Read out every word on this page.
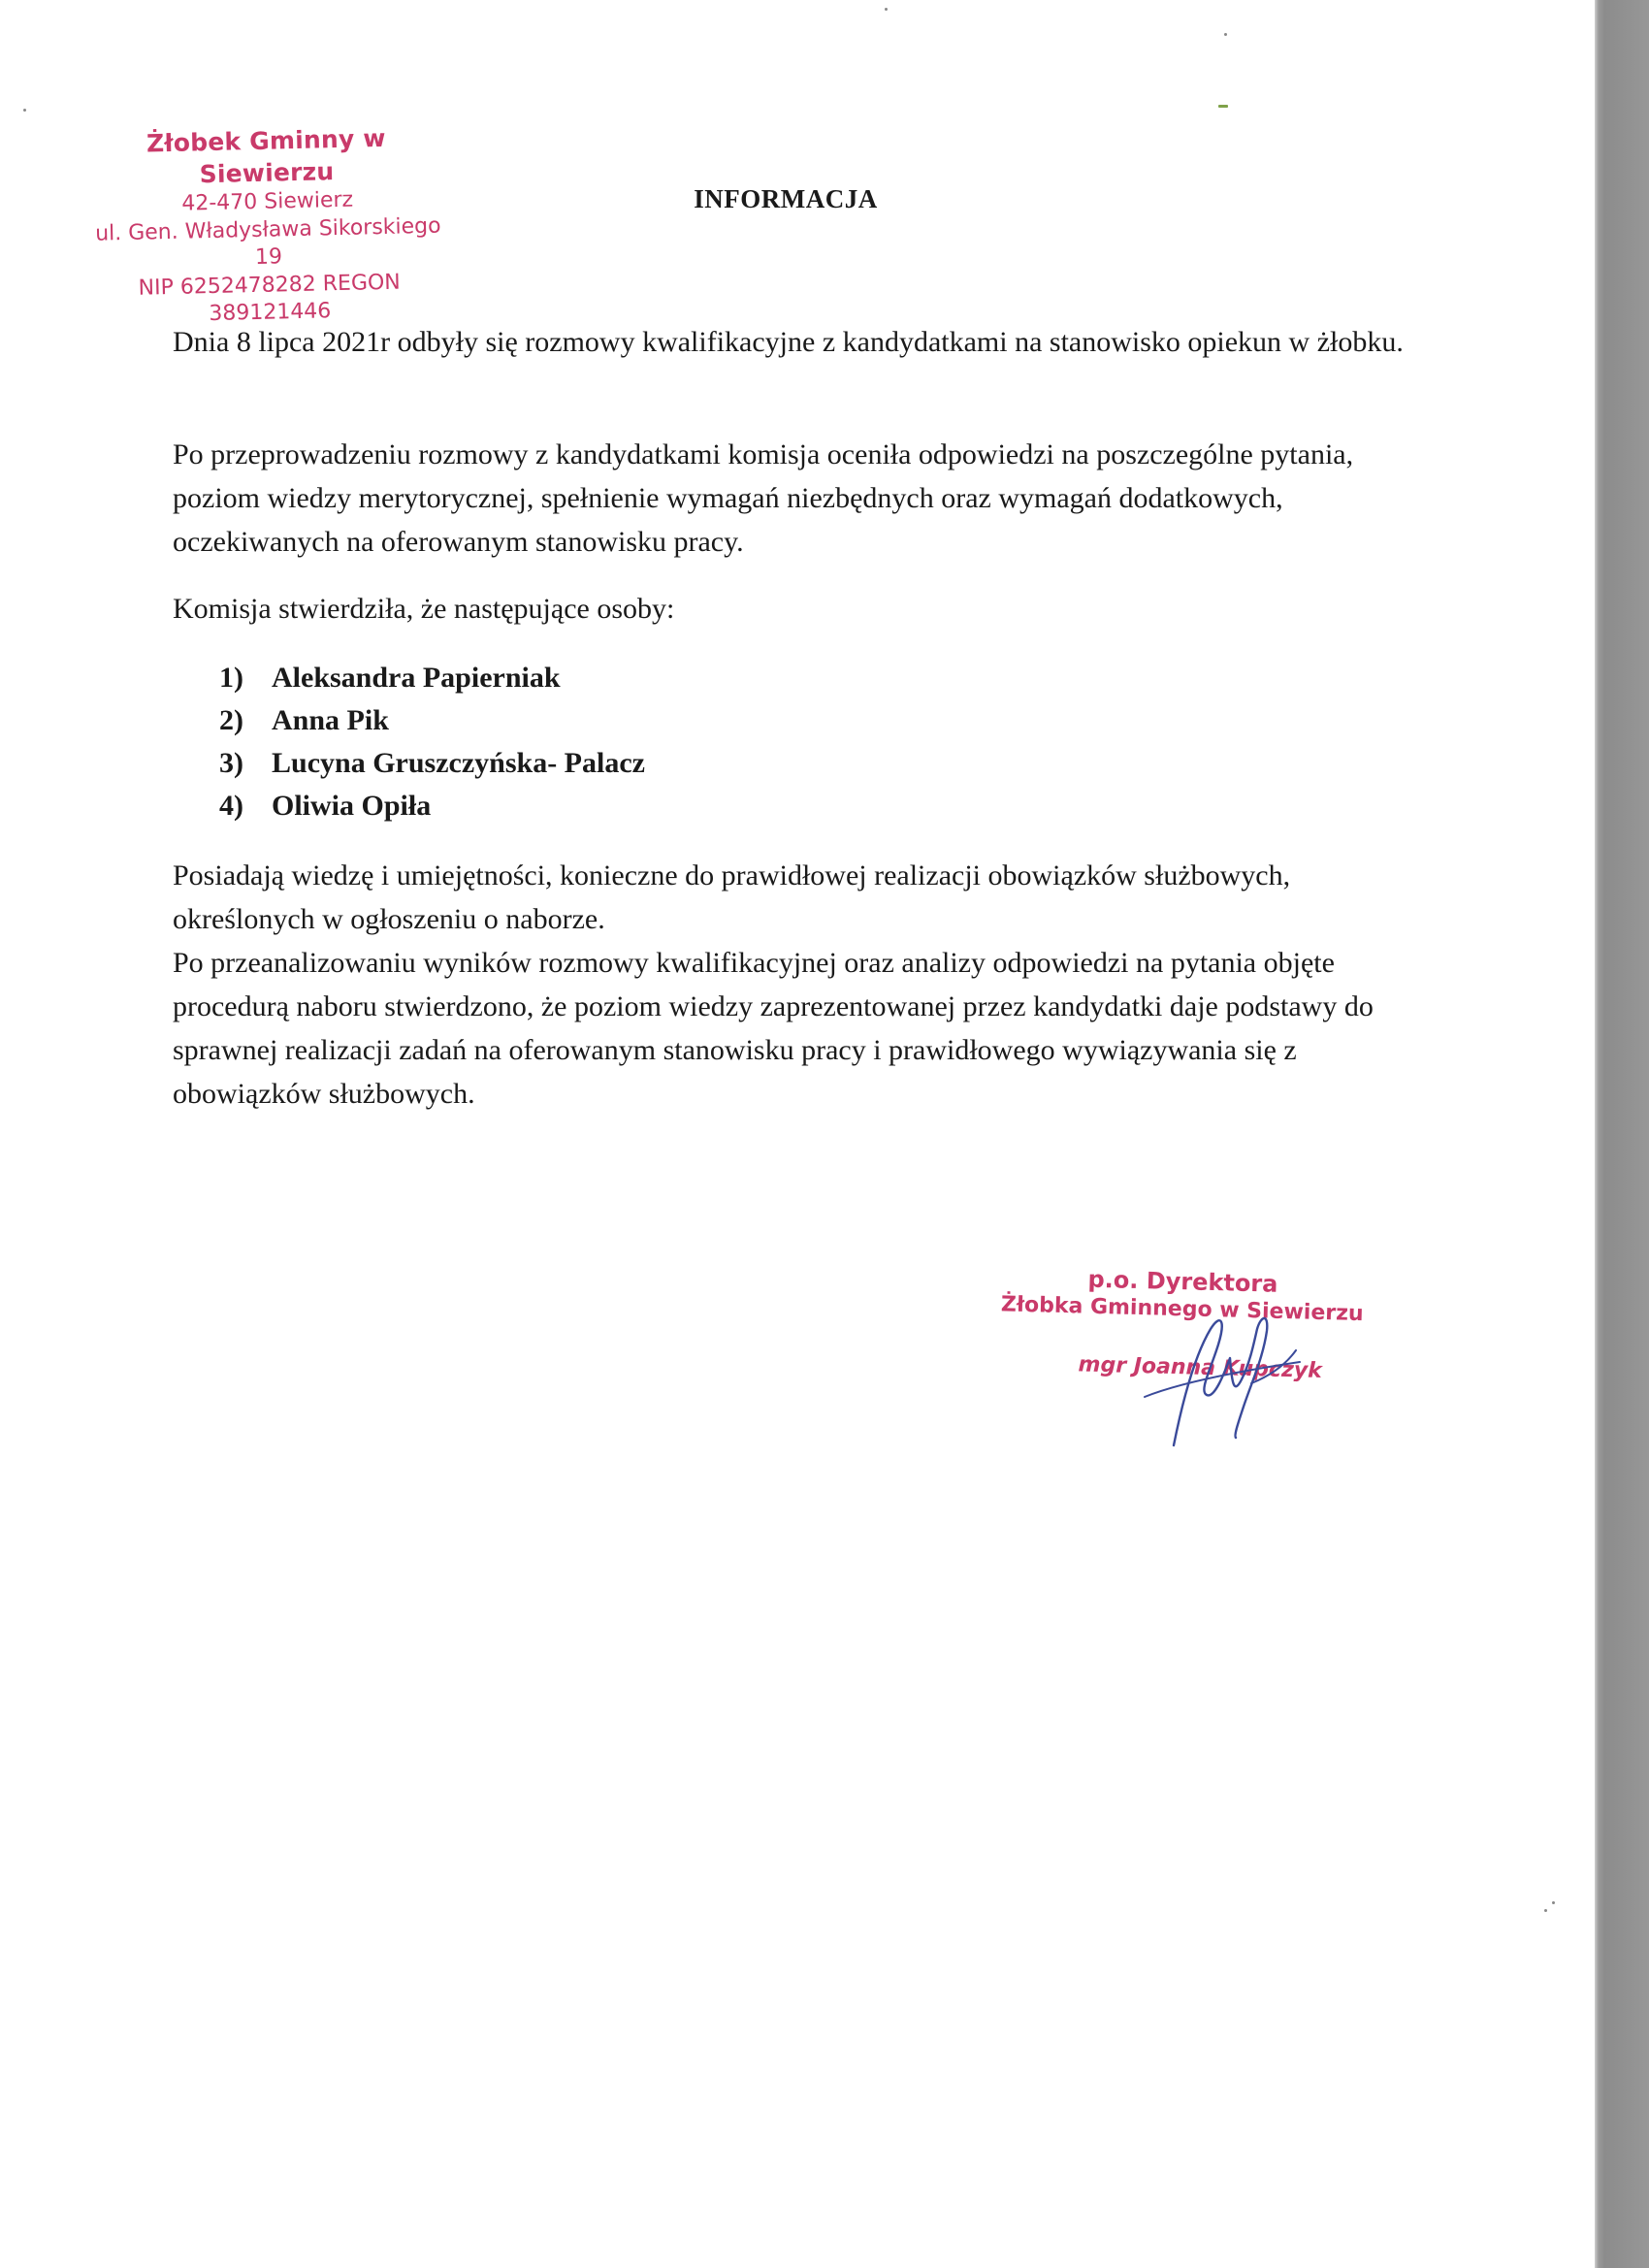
Żłobek Gminny w Siewierzu
42-470 Siewierz
ul. Gen. Władysława Sikorskiego 19
NIP 6252478282 REGON 389121446
INFORMACJA
Dnia 8 lipca 2021r odbyły się rozmowy kwalifikacyjne z kandydatkami na stanowisko opiekun w żłobku.
Po przeprowadzeniu rozmowy z kandydatkami komisja oceniła odpowiedzi na poszczególne pytania, poziom wiedzy merytorycznej, spełnienie wymagań niezbędnych oraz wymagań dodatkowych, oczekiwanych na oferowanym stanowisku pracy.
Komisja stwierdziła, że następujące osoby:
1) Aleksandra Papierniak
2) Anna Pik
3) Lucyna Gruszczyńska- Palacz
4) Oliwia Opiła

Posiadają wiedzę i umiejętności, konieczne do prawidłowej realizacji obowiązków służbowych, określonych w ogłoszeniu o naborze.

Po przeanalizowaniu wyników rozmowy kwalifikacyjnej oraz analizy odpowiedzi na pytania objęte procedurą naboru stwierdzono, że poziom wiedzy zaprezentowanej przez kandydatki daje podstawy do sprawnej realizacji zadań na oferowanym stanowisku pracy i prawidłowego wywiązywania się z obowiązków służbowych.

p.o. Dyrektora
Żłobka Gminnego w Siewierzu
mgr Joanna Kupczyk
